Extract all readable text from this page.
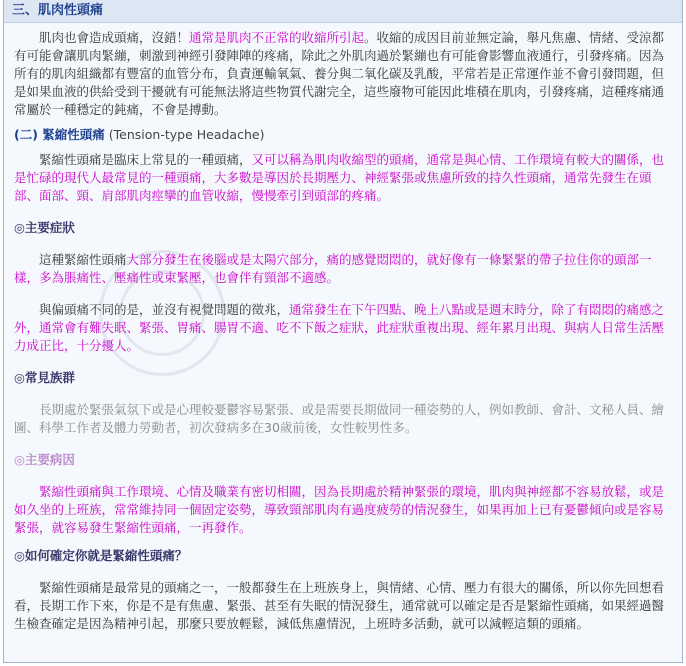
三、肌肉性頭痛

肌肉也會造成頭痛，沒錯！通常是肌肉不正常的收縮所引起。收縮的成因目前並無定論，舉凡焦慮、情緒、受涼都有可能會讓肌肉緊繃，刺激到神經引發陣陣的疼痛，除此之外肌肉過於緊繃也有可能會影響血液通行，引發疼痛。因為所有的肌肉組織都有豐富的血管分布，負責運輸氧氣、養分與二氧化碳及乳酸，平常若是正常運作並不會引發問題，但是如果血液的供給受到干擾就有可能無法將這些物質代謝完全，這些廢物可能因此堆積在肌肉，引發疼痛，這種疼痛通常屬於一種穩定的鈍痛，不會是搏動。

(二) 緊縮性頭痛 (Tension-type Headache)

緊縮性頭痛是臨床上常見的一種頭痛，又可以稱為肌肉收縮型的頭痛，通常是與心情、工作環境有較大的關係，也是忙碌的現代人最常見的一種頭痛，大多數是導因於長期壓力、神經緊張或焦慮所致的持久性頭痛，通常先發生在頭部、面部、頸、肩部肌肉痙攣的血管收縮，慢慢牽引到頭部的疼痛。

◎主要症狀

這種緊縮性頭痛大部分發生在後腦或是太陽穴部分，痛的感覺悶悶的，就好像有一條緊緊的帶子拉住你的頭部一樣，多為脹痛性、壓痛性或束緊壓，也會伴有頸部不適感。

與偏頭痛不同的是，並沒有視覺問題的徵兆，通常發生在下午四點、晚上八點或是週末時分，除了有悶悶的痛感之外，通常會有難失眠、緊張、胃痛、腸胃不適、吃不下飯之症狀，此症狀重複出現、經年累月出現、與病人日常生活壓力成正比，十分擾人。

◎常見族群

長期處於緊張氣氛下或是心理較憂鬱容易緊張、或是需要長期做同一種姿勢的人，例如教師、會計、文秘人員、繪圖、科學工作者及體力勞動者，初次發病多在30歲前後，女性較男性多。

◎主要病因

緊縮性頭痛與工作環境、心情及職業有密切相關，因為長期處於精神緊張的環境，肌肉與神經都不容易放鬆，或是如久坐的上班族，常常維持同一個固定姿勢，導致頸部肌肉有過度疲勞的情況發生，如果再加上已有憂鬱傾向或是容易緊張，就容易發生緊縮性頭痛，一再發作。

◎如何確定你就是緊縮性頭痛？

緊縮性頭痛是最常見的頭痛之一，一般都發生在上班族身上，與情緒、心情、壓力有很大的關係，所以你先回想看看，長期工作下來，你是不是有焦慮、緊張、甚至有失眠的情況發生，通常就可以確定是否是緊縮性頭痛，如果經過醫生檢查確定是因為精神引起，那麼只要放輕鬆，減低焦慮情況，上班時多活動，就可以減輕這類的頭痛。
